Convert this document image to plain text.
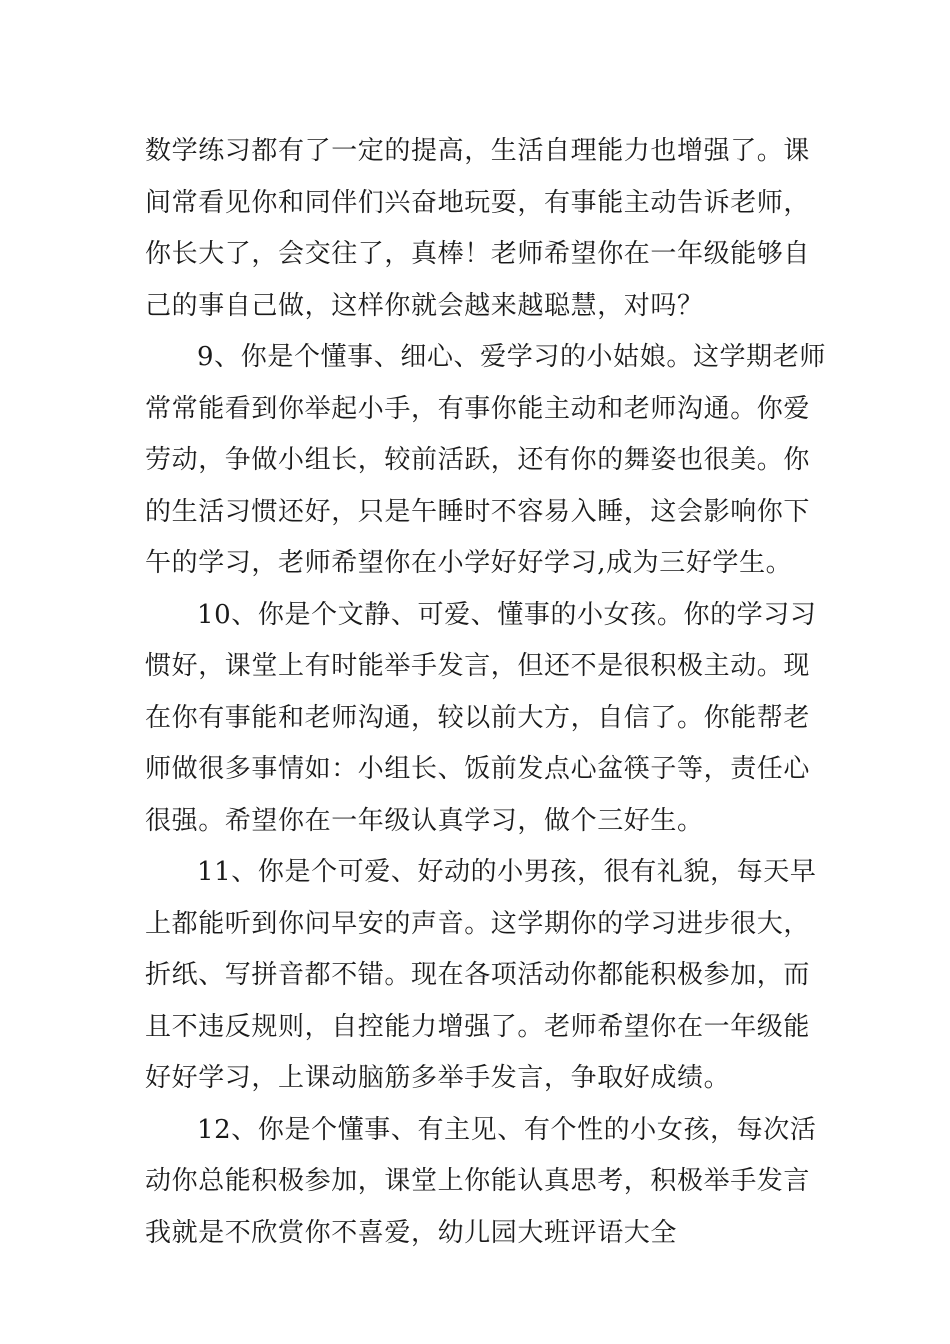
数学练习都有了一定的提高，生活自理能力也增强了。课
间常看见你和同伴们兴奋地玩耍，有事能主动告诉老师，
你长大了，会交往了，真棒！老师希望你在一年级能够自
己的事自己做，这样你就会越来越聪慧，对吗？
9、你是个懂事、细心、爱学习的小姑娘。这学期老师
常常能看到你举起小手，有事你能主动和老师沟通。你爱
劳动，争做小组长，较前活跃，还有你的舞姿也很美。你
的生活习惯还好，只是午睡时不容易入睡，这会影响你下
午的学习，老师希望你在小学好好学习,成为三好学生。
10、你是个文静、可爱、懂事的小女孩。你的学习习
惯好，课堂上有时能举手发言，但还不是很积极主动。现
在你有事能和老师沟通，较以前大方，自信了。你能帮老
师做很多事情如：小组长、饭前发点心盆筷子等，责任心
很强。希望你在一年级认真学习，做个三好生。
11、你是个可爱、好动的小男孩，很有礼貌，每天早
上都能听到你问早安的声音。这学期你的学习进步很大，
折纸、写拼音都不错。现在各项活动你都能积极参加，而
且不违反规则，自控能力增强了。老师希望你在一年级能
好好学习，上课动脑筋多举手发言，争取好成绩。
12、你是个懂事、有主见、有个性的小女孩，每次活
动你总能积极参加，课堂上你能认真思考，积极举手发言
我就是不欣赏你不喜爱，幼儿园大班评语大全
